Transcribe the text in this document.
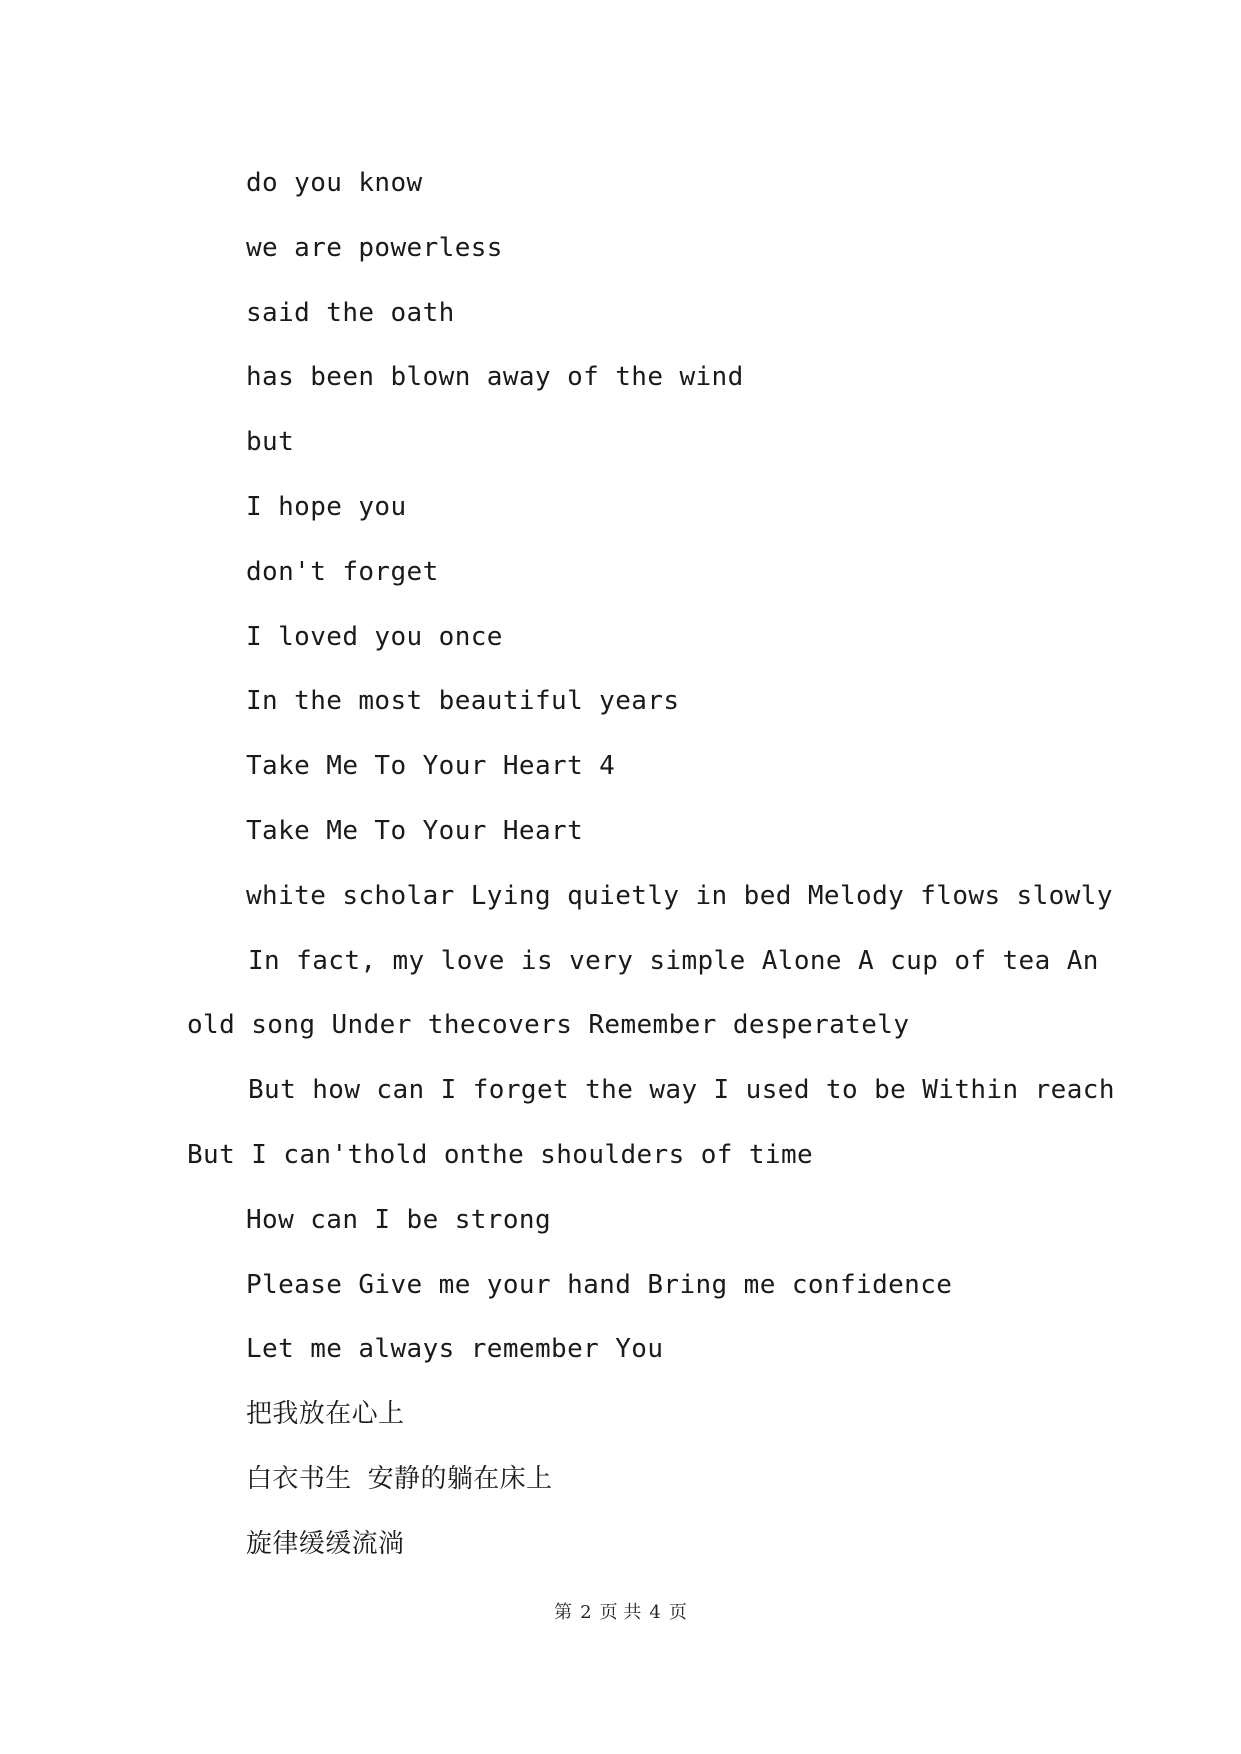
do you know
we are powerless
said the oath
has been blown away of the wind
but
I hope you
don't forget
I loved you once
In the most beautiful years
Take Me To Your Heart 4
Take Me To Your Heart
white scholar Lying quietly in bed Melody flows slowly
In fact, my love is very simple Alone A cup of tea An
old song Under thecovers Remember desperately
But how can I forget the way I used to be Within reach
But I can'thold onthe shoulders of time
How can I be strong
Please Give me your hand Bring me confidence
Let me always remember You
把我放在心上
白衣书生 安静的躺在床上
旋律缓缓流淌
第 2 页 共 4 页
